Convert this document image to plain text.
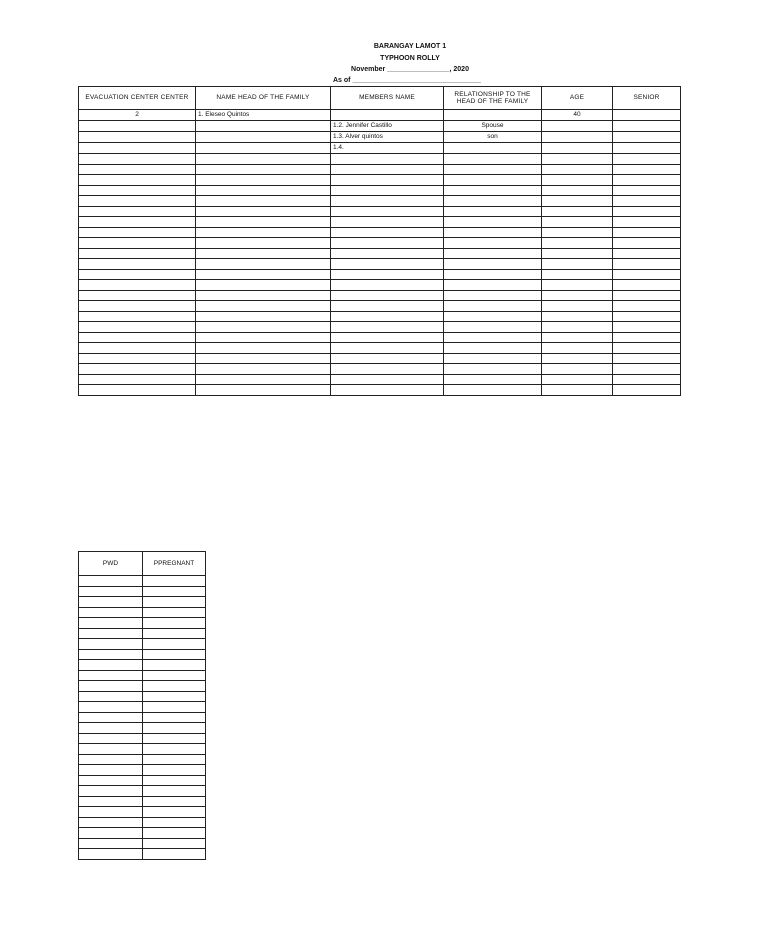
BARANGAY LAMOT 1
TYPHOON ROLLY
November ________________, 2020
As of _________________________________
EVACUATION CENTER CENTER	NAME HEAD OF THE FAMILY	MEMBERS NAME	RELATIONSHIP TO THE HEAD OF THE FAMILY	AGE	SENIOR
2	1. Eleseo Quintos			40	
		1.2. Jennifer Castillo	Spouse		
		1.3. Alver quintos	son		
		1.4.			

PWD	PPREGNANT
